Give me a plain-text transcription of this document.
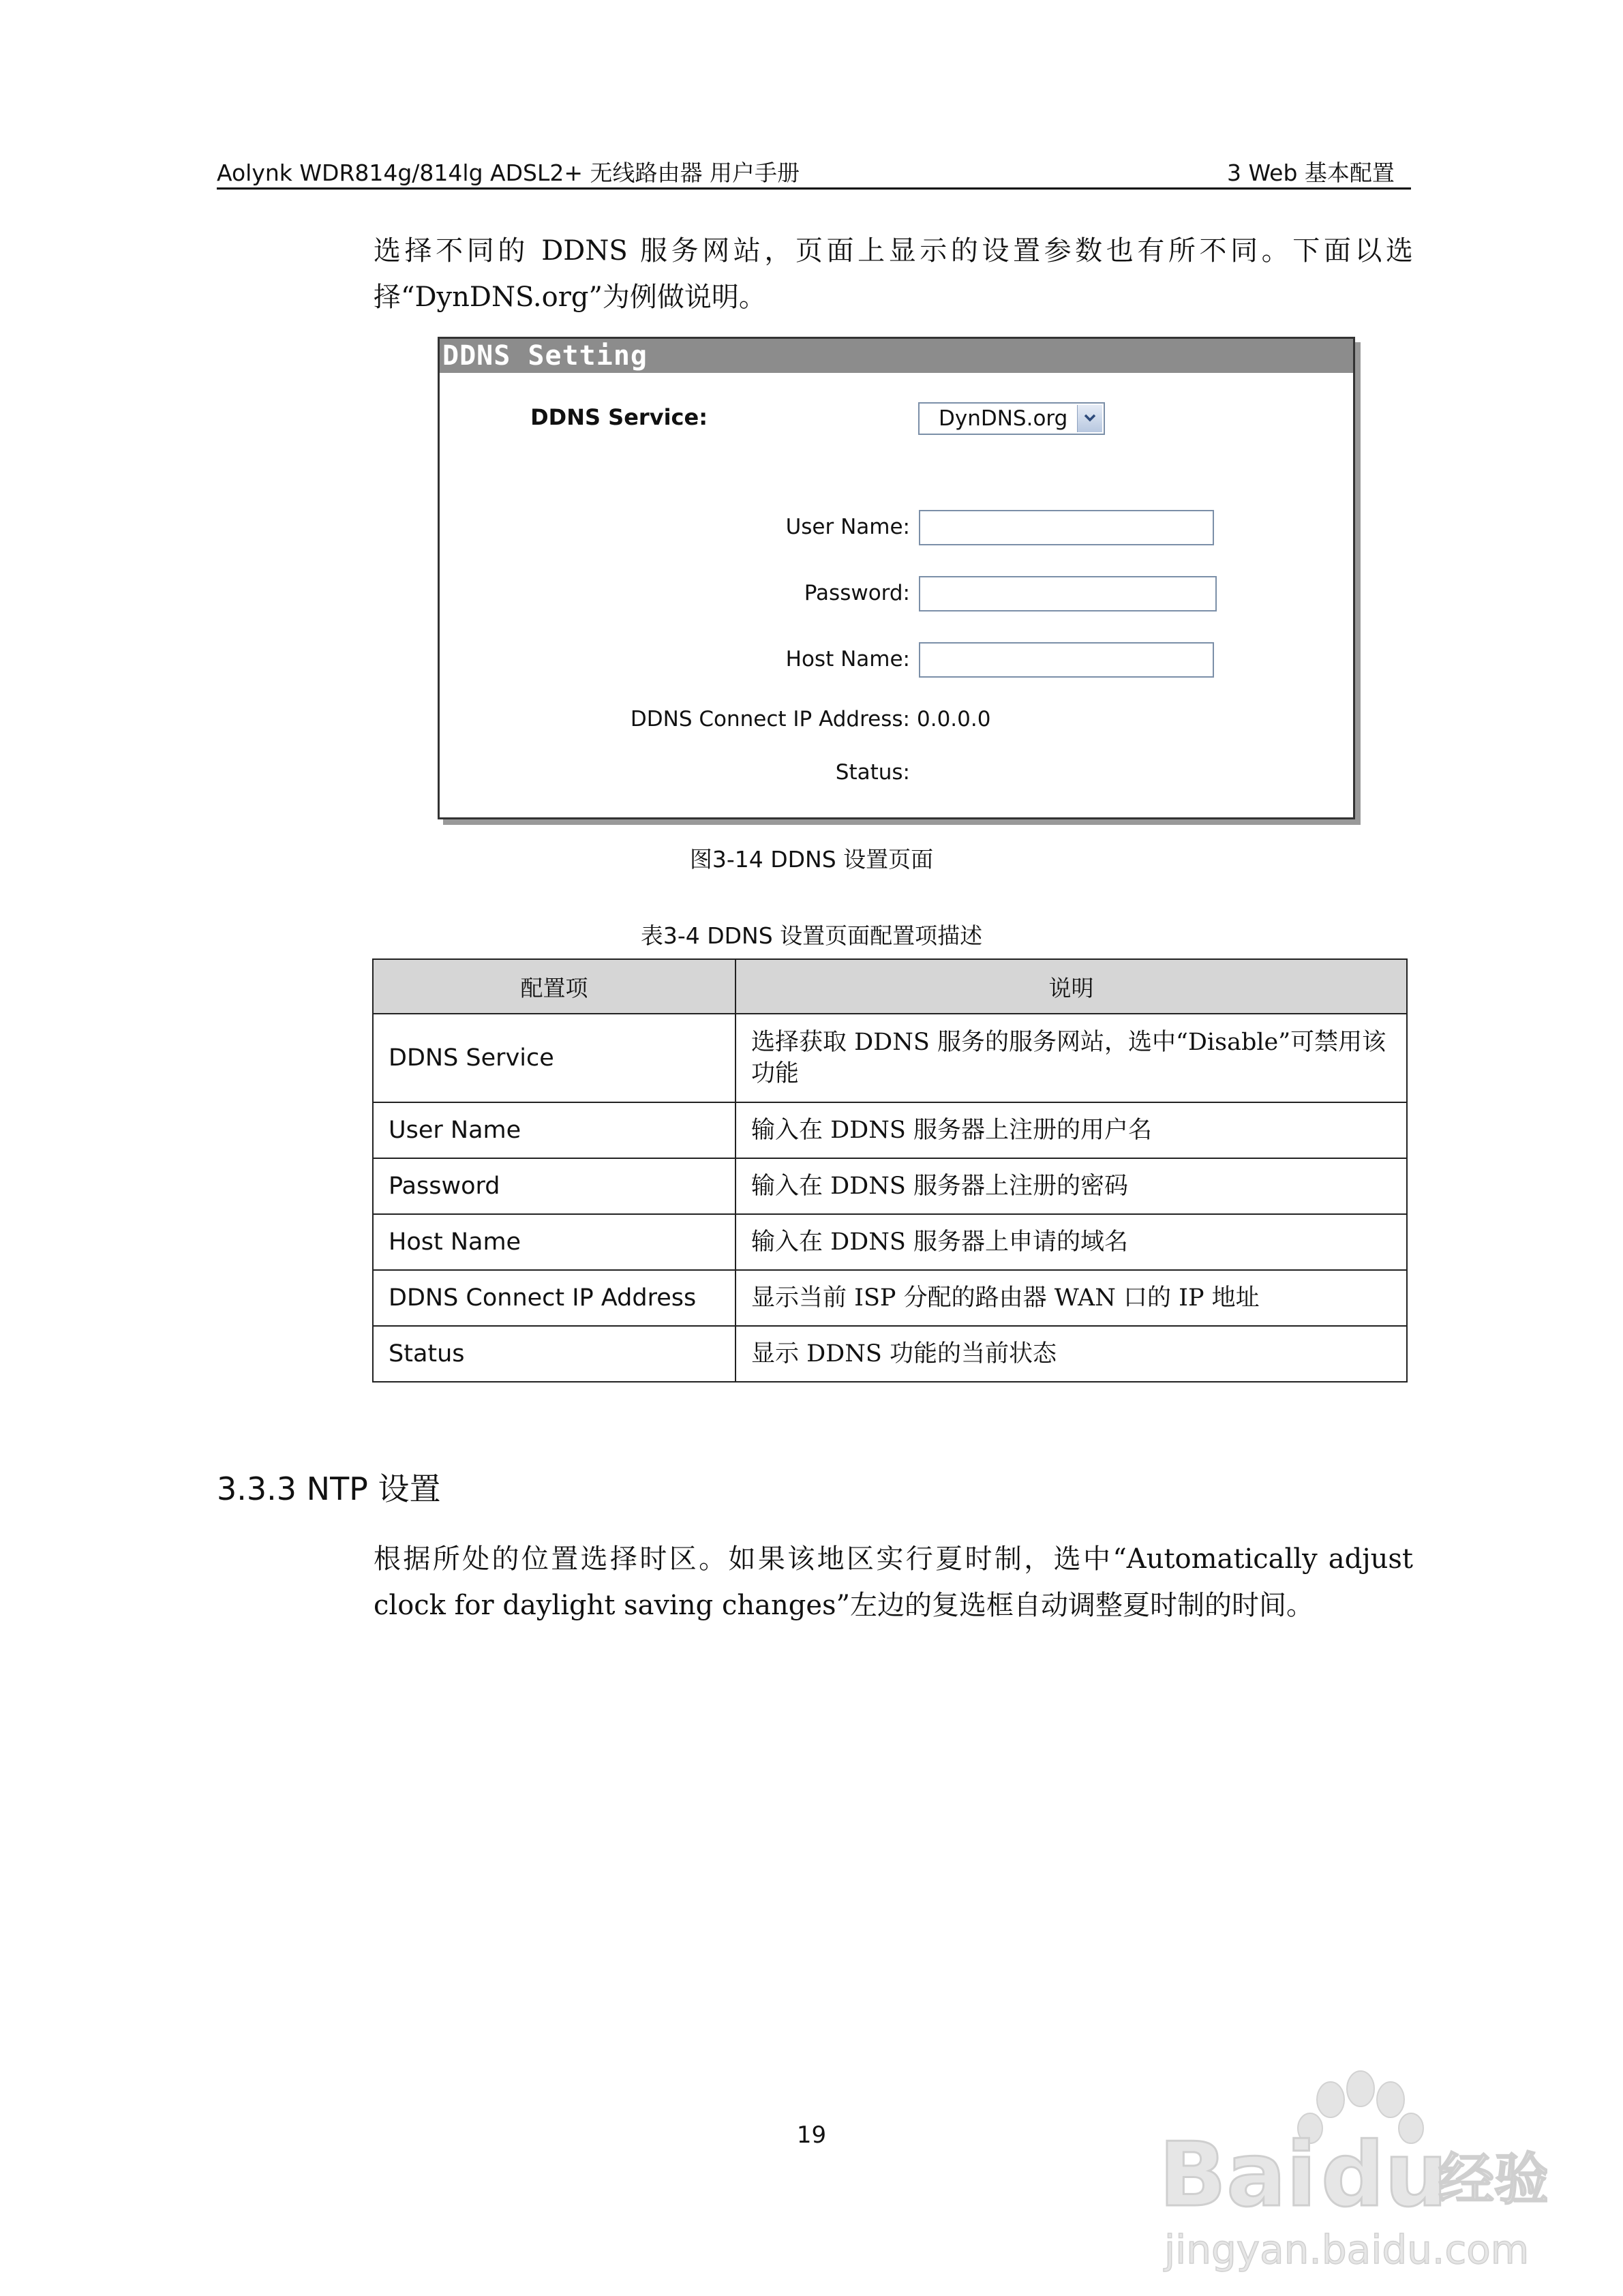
Aolynk WDR814g/814lg ADSL2+ 无线路由器 用户手册	3 Web 基本配置
选择不同的 DDNS 服务网站，页面上显示的设置参数也有所不同。下面以选择“DynDNS.org”为例做说明。
DDNS Setting
DDNS Service:	DynDNS.org
User Name:
Password:
Host Name:
DDNS Connect IP Address: 0.0.0.0
Status:
图3-14 DDNS 设置页面
表3-4 DDNS 设置页面配置项描述
配置项	说明
DDNS Service	选择获取 DDNS 服务的服务网站，选中“Disable”可禁用该功能
User Name	输入在 DDNS 服务器上注册的用户名
Password	输入在 DDNS 服务器上注册的密码
Host Name	输入在 DDNS 服务器上申请的域名
DDNS Connect IP Address	显示当前 ISP 分配的路由器 WAN 口的 IP 地址
Status	显示 DDNS 功能的当前状态
3.3.3 NTP 设置
根据所处的位置选择时区。如果该地区实行夏时制，选中“Automatically adjust clock for daylight saving changes”左边的复选框自动调整夏时制的时间。
19	Bai du
经验
jingyan.baidu.com
